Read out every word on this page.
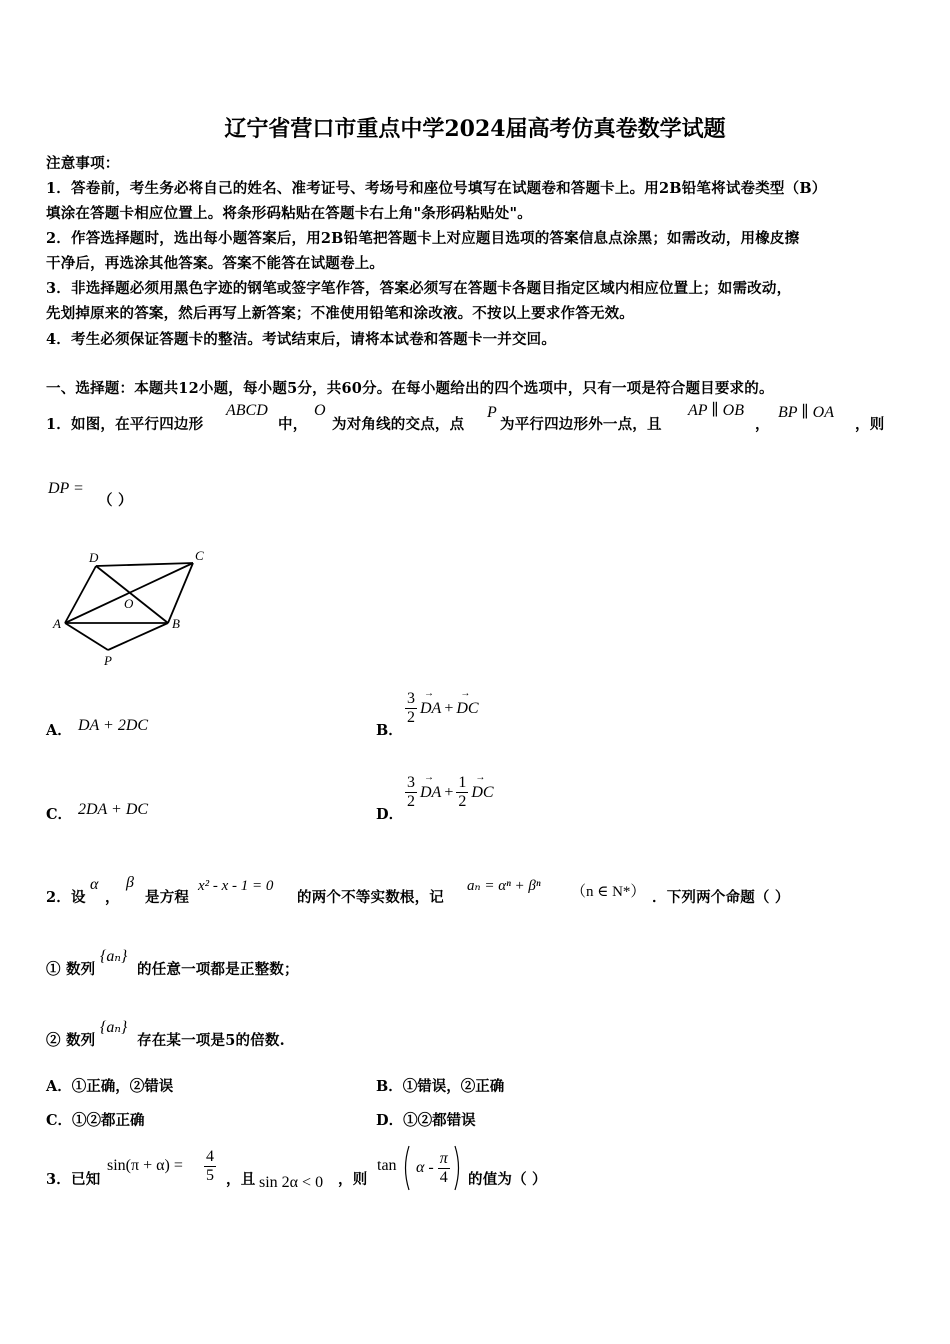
辽宁省营口市重点中学2024届高考仿真卷数学试题
注意事项：
1．答卷前，考生务必将自己的姓名、准考证号、考场号和座位号填写在试题卷和答题卡上。用2B铅笔将试卷类型（B）
填涂在答题卡相应位置上。将条形码粘贴在答题卡右上角"条形码粘贴处"。
2．作答选择题时，选出每小题答案后，用2B铅笔把答题卡上对应题目选项的答案信息点涂黑；如需改动，用橡皮擦
干净后，再选涂其他答案。答案不能答在试题卷上。
3．非选择题必须用黑色字迹的钢笔或签字笔作答，答案必须写在答题卡各题目指定区域内相应位置上；如需改动，
先划掉原来的答案，然后再写上新答案；不准使用铅笔和涂改液。不按以上要求作答无效。
4．考生必须保证答题卡的整洁。考试结束后，请将本试卷和答题卡一并交回。
一、选择题：本题共12小题，每小题5分，共60分。在每小题给出的四个选项中，只有一项是符合题目要求的。
1．如图，在平行四边形
ABCD
中，
O
为对角线的交点，点
P
为平行四边形外一点，且
AP ∥ OB
，
BP ∥ OA
，则
DP =
（ ）
D	C
A	B
O
P
A． DA + 2DC	B．
$\frac{3}{2}$ → DA + → DC
C． 2DA + DC	D．
$\frac{3}{2}$ → DA + $\frac{1}{2}$ → DC
2．设
α
，
β
是方程
x² - x - 1 = 0
的两个不等实数根，记
aₙ = αⁿ + βⁿ （n ∈ N*） ．下列两个命题（ ）
① 数列
{aₙ}
的任意一项都是正整数；
② 数列
{aₙ}
存在某一项是5的倍数.
A．①正确，②错误	B．①错误，②正确
C．①②都正确	D．①②都错误
3．已知
$\sin(\pi + \alpha) = \frac{4}{5}$ ，且 sin 2α < 0 ，则
tan α - $\frac{\pi}{4}$ 的值为（ ）
